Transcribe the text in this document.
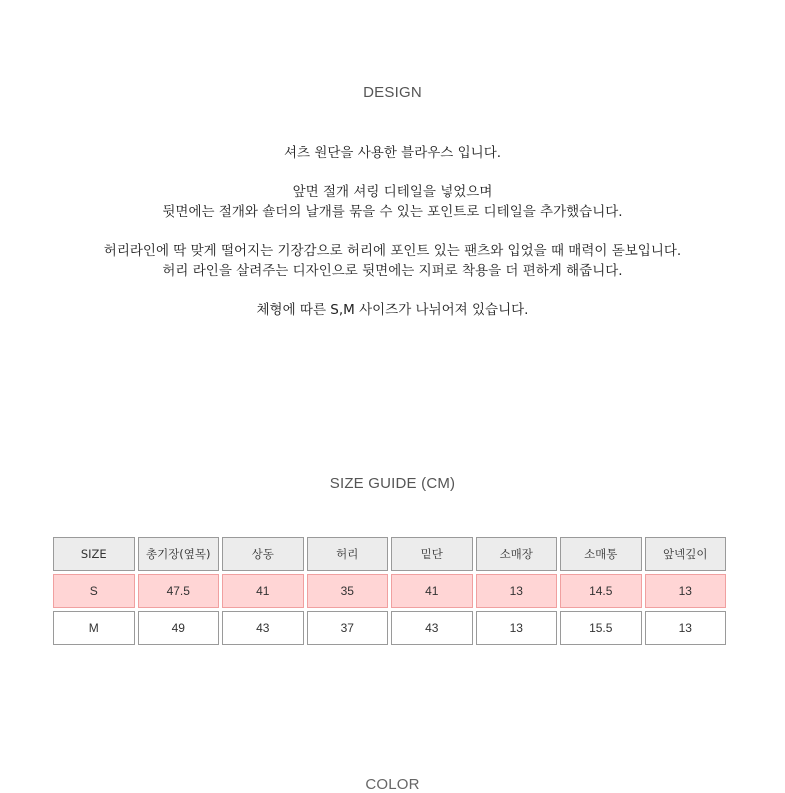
DESIGN

셔츠 원단을 사용한 블라우스 입니다.

앞면 절개 셔링 디테일을 넣었으며

뒷면에는 절개와 숄더의 날개를 묶을 수 있는 포인트로 디테일을 추가했습니다.

허리라인에 딱 맞게 떨어지는 기장감으로 허리에 포인트 있는 팬츠와 입었을 때 매력이 돋보입니다.

허리 라인을 살려주는 디자인으로 뒷면에는 지퍼로 착용을 더 편하게 해줍니다.

체형에 따른 S,M 사이즈가 나뉘어져 있습니다.

SIZE GUIDE (CM)
SIZE	총기장(옆목)	상동	허리	밑단	소매장	소매통	앞넥깊이
S	47.5	41	35	41	13	14.5	13
M	49	43	37	43	13	15.5	13
COLOR
